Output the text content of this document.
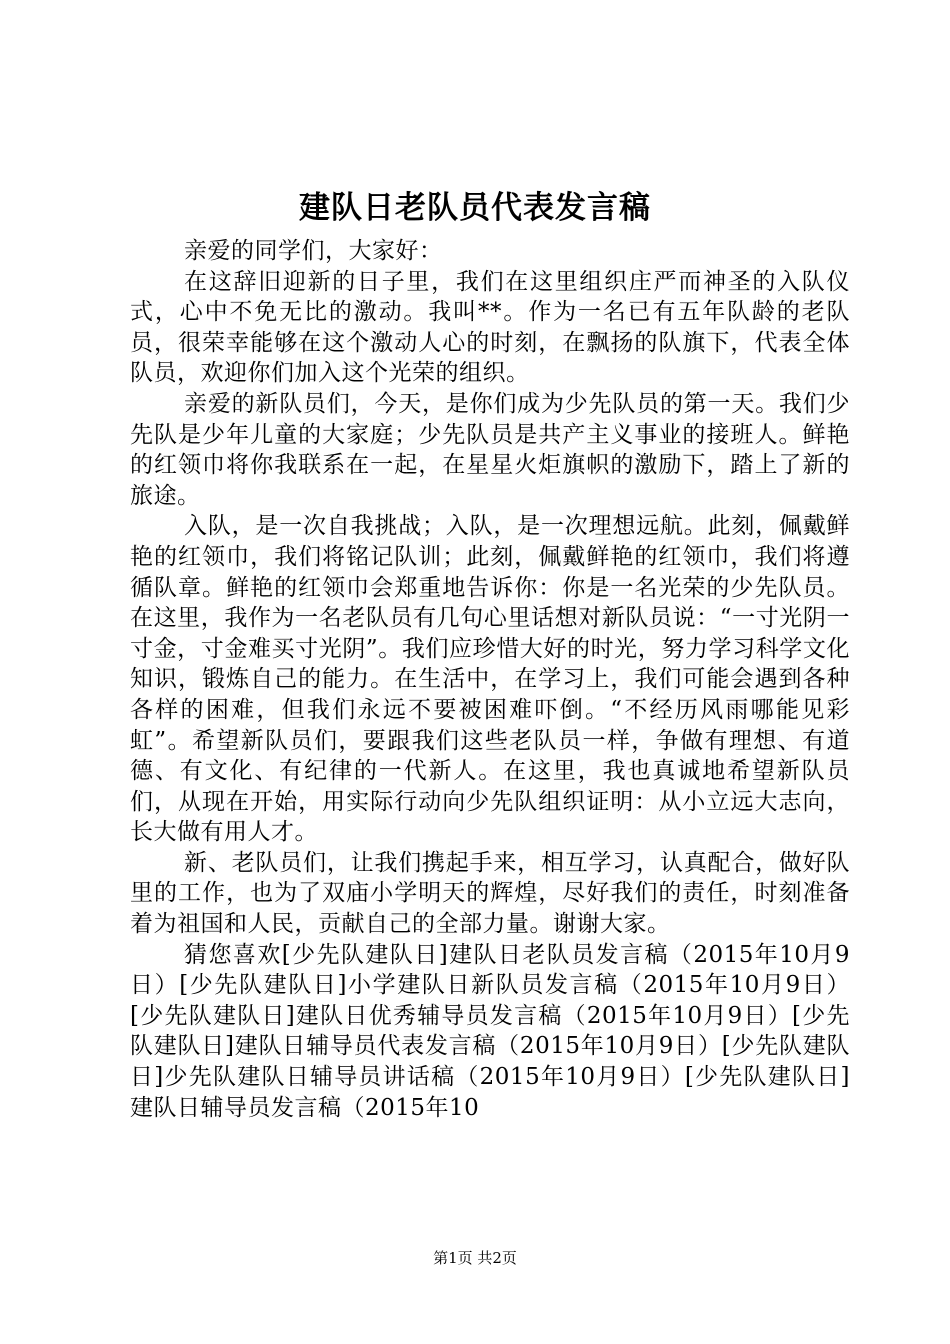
建队日老队员代表发言稿

亲爱的同学们，大家好：

在这辞旧迎新的日子里，我们在这里组织庄严而神圣的入队仪式，心中不免无比的激动。我叫**。作为一名已有五年队龄的老队员，很荣幸能够在这个激动人心的时刻，在飘扬的队旗下，代表全体队员，欢迎你们加入这个光荣的组织。

亲爱的新队员们，今天，是你们成为少先队员的第一天。我们少先队是少年儿童的大家庭；少先队员是共产主义事业的接班人。鲜艳的红领巾将你我联系在一起，在星星火炬旗帜的激励下，踏上了新的旅途。

入队，是一次自我挑战；入队，是一次理想远航。此刻，佩戴鲜艳的红领巾，我们将铭记队训；此刻，佩戴鲜艳的红领巾，我们将遵循队章。鲜艳的红领巾会郑重地告诉你：你是一名光荣的少先队员。在这里，我作为一名老队员有几句心里话想对新队员说：“一寸光阴一寸金，寸金难买寸光阴”。我们应珍惜大好的时光，努力学习科学文化知识，锻炼自己的能力。在生活中，在学习上，我们可能会遇到各种各样的困难，但我们永远不要被困难吓倒。“不经历风雨哪能见彩虹”。希望新队员们，要跟我们这些老队员一样，争做有理想、有道德、有文化、有纪律的一代新人。在这里，我也真诚地希望新队员们，从现在开始，用实际行动向少先队组织证明：从小立远大志向，长大做有用人才。

新、老队员们，让我们携起手来，相互学习，认真配合，做好队里的工作，也为了双庙小学明天的辉煌，尽好我们的责任，时刻准备着为祖国和人民，贡献自己的全部力量。谢谢大家。

猜您喜欢[少先队建队日]建队日老队员发言稿（2015年10月9日）[少先队建队日]小学建队日新队员发言稿（2015年10月9日）[少先队建队日]建队日优秀辅导员发言稿（2015年10月9日）[少先队建队日]建队日辅导员代表发言稿（2015年10月9日）[少先队建队日]少先队建队日辅导员讲话稿（2015年10月9日）[少先队建队日]建队日辅导员发言稿（2015年10

第1页 共2页
